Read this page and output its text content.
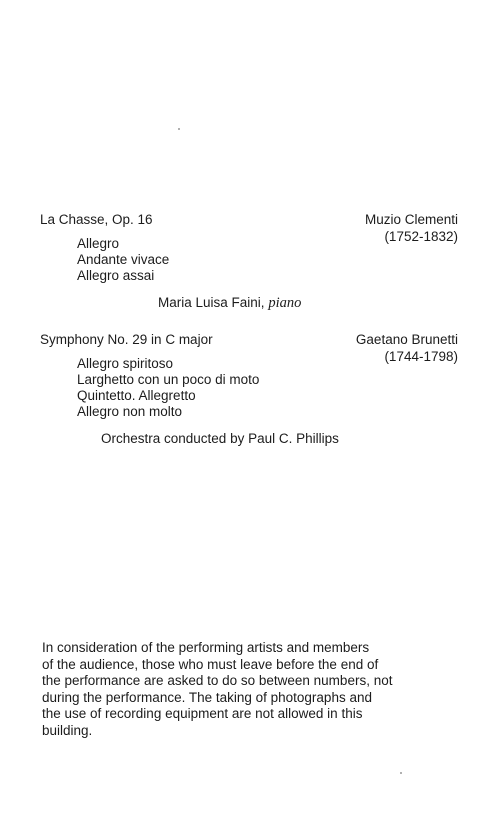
La Chasse, Op. 16	Muzio Clementi
(1752-1832)
Allegro
Andante vivace
Allegro assai
Maria Luisa Faini, piano
Symphony No. 29 in C major	Gaetano Brunetti
(1744-1798)
Allegro spiritoso
Larghetto con un poco di moto
Quintetto. Allegretto
Allegro non molto
Orchestra conducted by Paul C. Phillips
In consideration of the performing artists and members
of the audience, those who must leave before the end of
the performance are asked to do so between numbers, not
during the performance. The taking of photographs and
the use of recording equipment are not allowed in this
building.
